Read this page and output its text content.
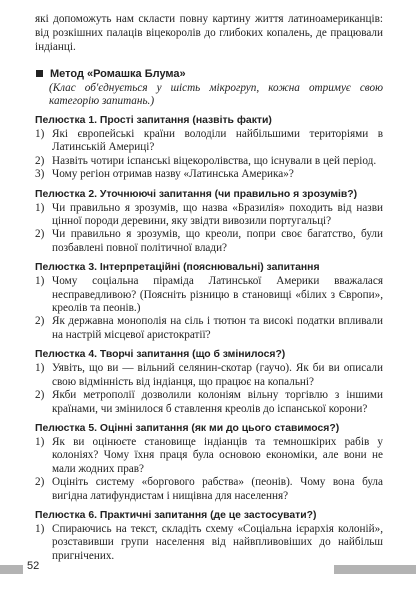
які допоможуть нам скласти повну картину життя латиноамериканців: від розкішних палаців віцекоролів до глибоких копалень, де працювали індіанці.

Метод «Ромашка Блума»

(Клас об'єднується у шість мікрогруп, кожна отримує свою категорію запитань.)

Пелюстка 1. Прості запитання (назвіть факти)

1) Які європейські країни володіли найбільшими територіями в Латинській Америці?

2) Назвіть чотири іспанські віцекоролівства, що існували в цей період.

3) Чому регіон отримав назву «Латинська Америка»?

Пелюстка 2. Уточнюючі запитання (чи правильно я зрозумів?)

1) Чи правильно я зрозумів, що назва «Бразилія» походить від назви цінної породи деревини, яку звідти вивозили португальці?

2) Чи правильно я зрозумів, що креоли, попри своє багатство, були позбавлені повної політичної влади?

Пелюстка 3. Інтерпретаційні (пояснювальні) запитання

1) Чому соціальна піраміда Латинської Америки вважалася несправедливою? (Поясніть різницю в становищі «білих з Європи», креолів та пеонів.)

2) Як державна монополія на сіль і тютюн та високі податки впливали на настрій місцевої аристократії?

Пелюстка 4. Творчі запитання (що б змінилося?)

1) Уявіть, що ви — вільний селянин-скотар (гаучо). Як би ви описали свою відмінність від індіанця, що працює на копальні?

2) Якби метрополії дозволили колоніям вільну торгівлю з іншими країнами, чи змінилося б ставлення креолів до іспанської корони?

Пелюстка 5. Оцінні запитання (як ми до цього ставимося?)

1) Як ви оцінюєте становище індіанців та темношкірих рабів у колоніях? Чому їхня праця була основою економіки, але вони не мали жодних прав?

2) Оцініть систему «боргового рабства» (пеонів). Чому вона була вигідна латифундистам і нищівна для населення?

Пелюстка 6. Практичні запитання (де це застосувати?)

1) Спираючись на текст, складіть схему «Соціальна ієрархія колоній», розставивши групи населення від найвпливовіших до найбільш пригнічених.

52
